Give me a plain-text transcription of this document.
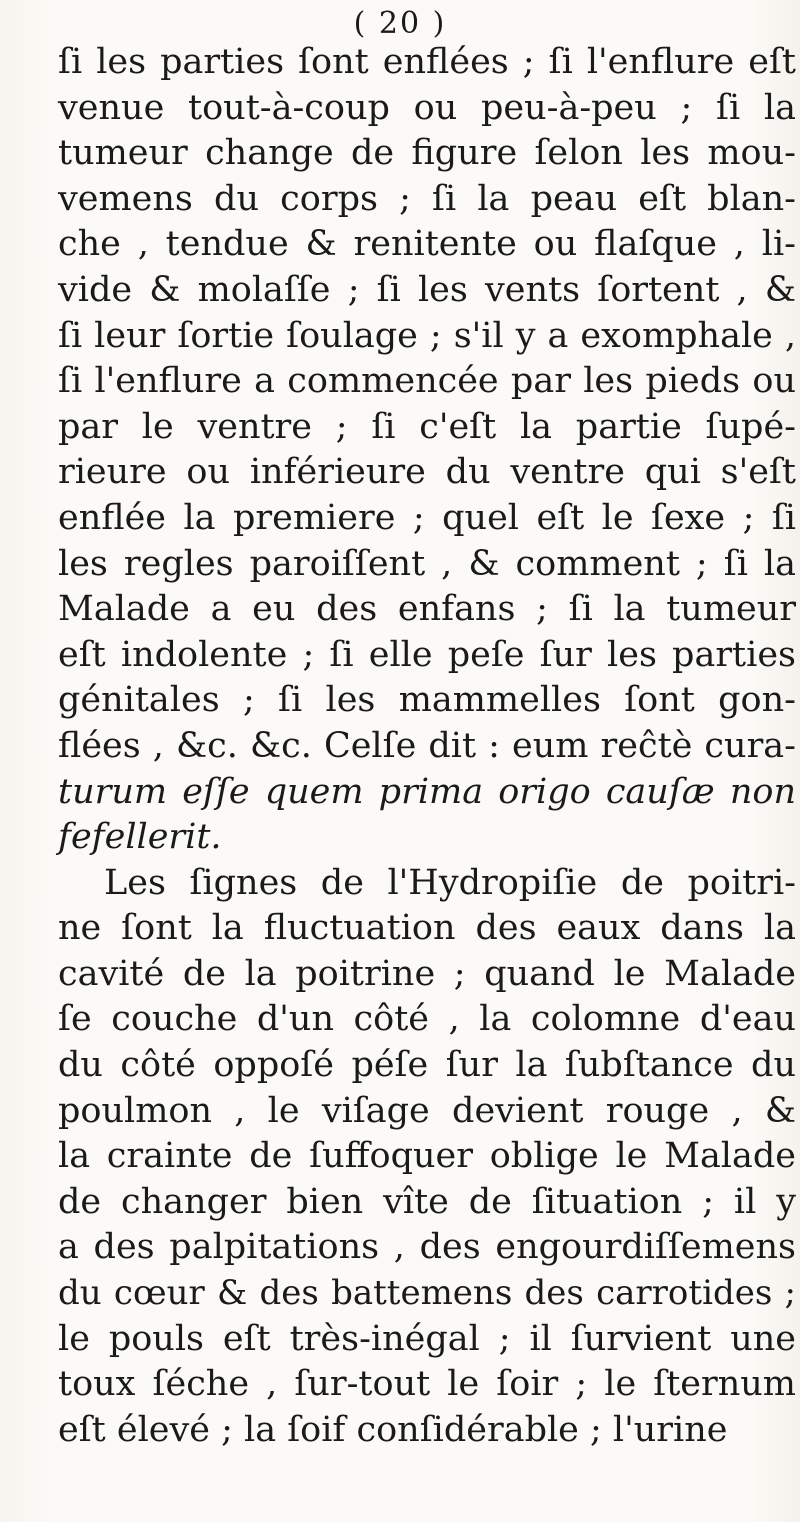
( 20 )
ſi les parties ſont enflées ; ſi l'enflure eſt
venue tout-à-coup ou peu-à-peu ; ſi la
tumeur change de figure ſelon les mou-
vemens du corps ; ſi la peau eſt blan-
che , tendue & renitente ou flaſque , li-
vide & molaſſe ; ſi les vents ſortent , &
ſi leur ſortie ſoulage ; s'il y a exomphale ,
ſi l'enflure a commencée par les pieds ou
par le ventre ; ſi c'eſt la partie ſupé-
rieure ou inférieure du ventre qui s'eſt
enflée la premiere ; quel eſt le ſexe ; ſi
les regles paroiſſent , & comment ; ſi la
Malade a eu des enfans ; ſi la tumeur
eſt indolente ; ſi elle peſe ſur les parties
génitales ; ſi les mammelles ſont gon-
flées , &c. &c. Celſe dit : eum reĉtè cura-
turum eſſe quem prima origo cauſæ non
fefellerit.
Les ſignes de l'Hydropiſie de poitri-
ne ſont la fluctuation des eaux dans la
cavité de la poitrine ; quand le Malade
ſe couche d'un côté , la colomne d'eau
du côté oppoſé péſe ſur la ſubſtance du
poulmon , le viſage devient rouge , &
la crainte de ſuffoquer oblige le Malade
de changer bien vîte de ſituation ; il y
a des palpitations , des engourdiſſemens
du cœur & des battemens des carrotides ;
le pouls eſt très-inégal ; il ſurvient une
toux ſéche , ſur-tout le ſoir ; le ſternum
eſt élevé ; la ſoif conſidérable ; l'urine
